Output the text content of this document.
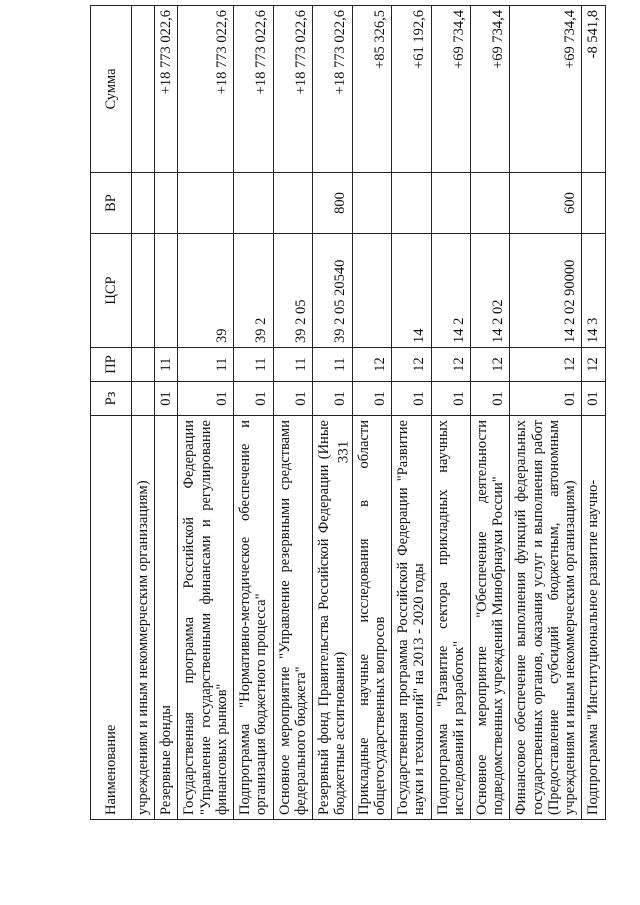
331
Наименование	Рз	ПР	ЦСР	ВР	Сумма
учреждениям и иным некоммерческим организациям)					
Резервные фонды	01	11			+18 773 022,6
Государственная программа Российской Федерации "Управление государственными финансами и регулирование финансовых рынков"	01	11	39		+18 773 022,6
Подпрограмма "Нормативно-методическое обеспечение и организация бюджетного процесса"	01	11	39 2		+18 773 022,6
Основное мероприятие "Управление резервными средствами федерального бюджета"	01	11	39 2 05		+18 773 022,6
Резервный фонд Правительства Российской Федерации (Иные бюджетные ассигнования)	01	11	39 2 05 20540	800	+18 773 022,6
Прикладные научные исследования в области общегосударственных вопросов	01	12			+85 326,5
Государственная программа Российской Федерации "Развитие науки и технологий" на 2013 - 2020 годы	01	12	14		+61 192,6
Подпрограмма "Развитие сектора прикладных научных исследований и разработок"	01	12	14 2		+69 734,4
Основное мероприятие "Обеспечение деятельности подведомственных учреждений Минобрнауки России"	01	12	14 2 02		+69 734,4
Финансовое обеспечение выполнения функций федеральных государственных органов, оказания услуг и выполнения работ (Предоставление субсидий бюджетным, автономным учреждениям и иным некоммерческим организациям)	01	12	14 2 02 90000	600	+69 734,4
Подпрограмма "Институциональное развитие научно-	01	12	14 3		-8 541,8
